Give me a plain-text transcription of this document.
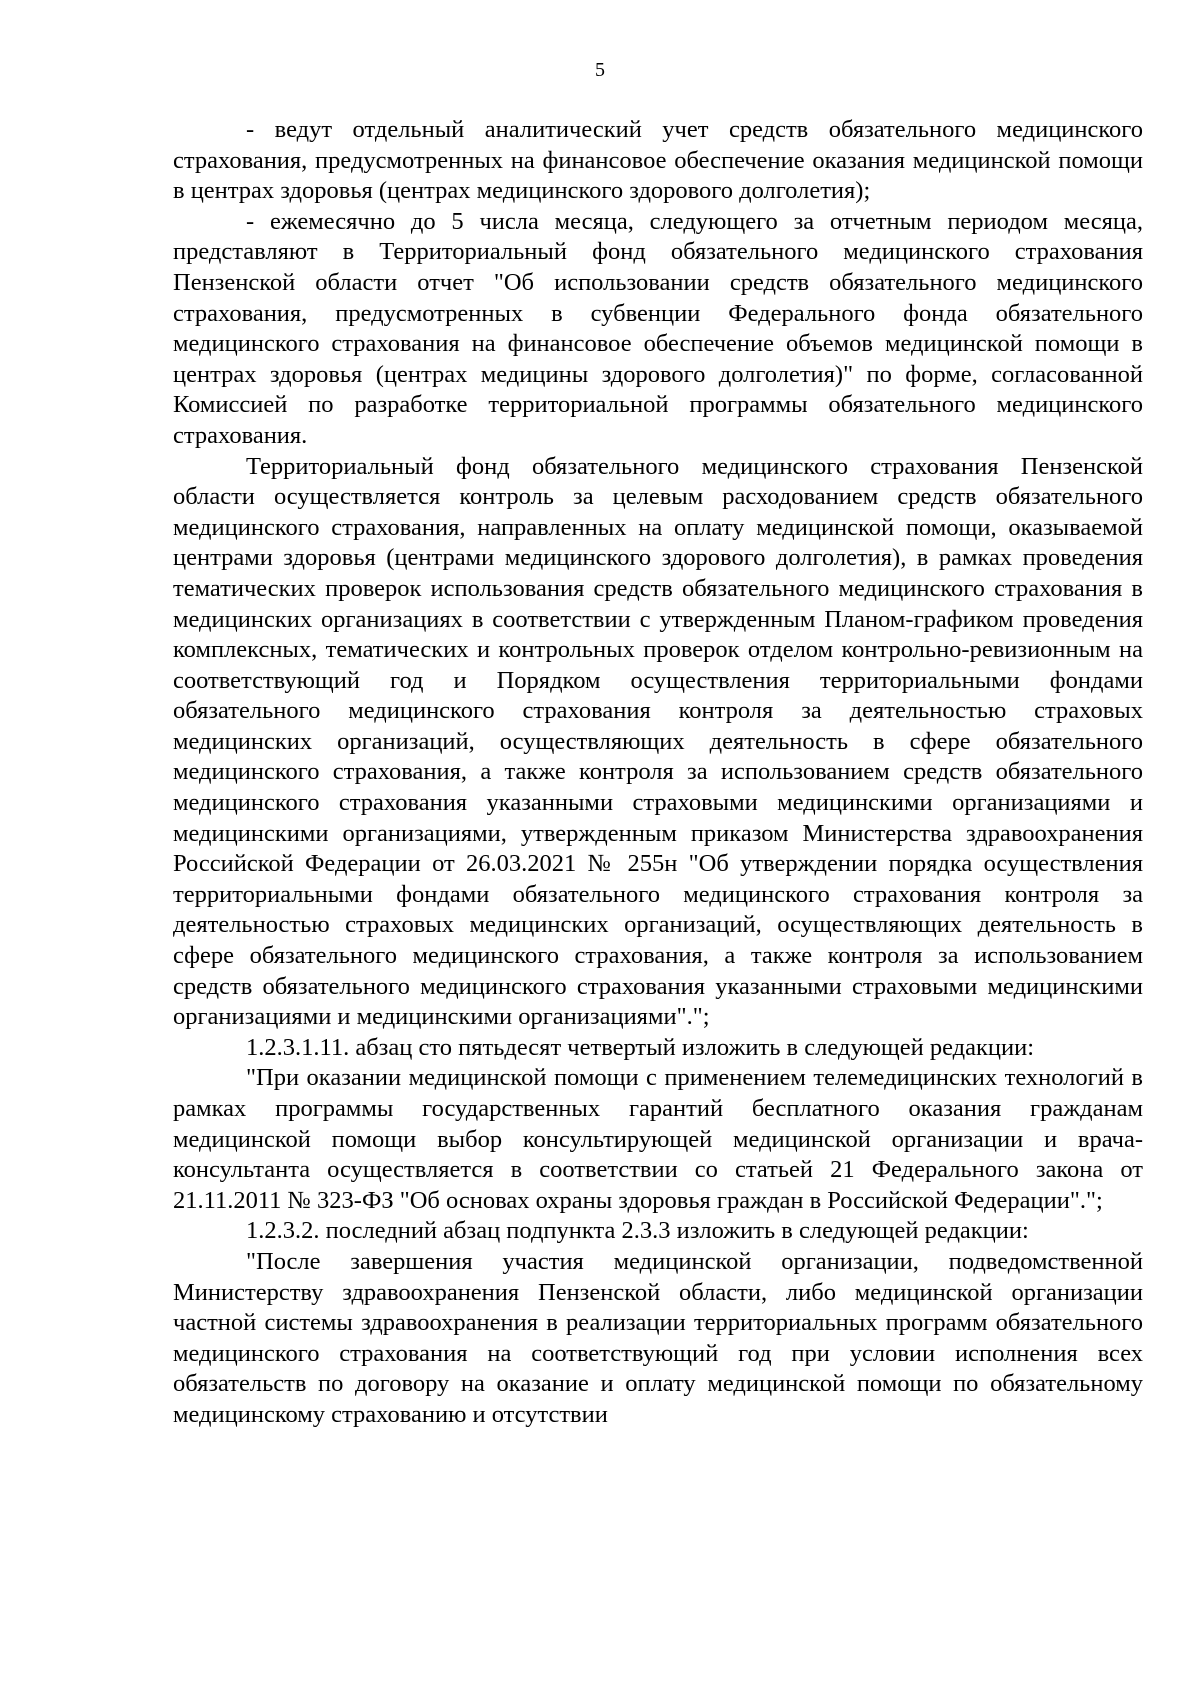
5

- ведут отдельный аналитический учет средств обязательного медицинского страхования, предусмотренных на финансовое обеспечение оказания медицинской помощи в центрах здоровья (центрах медицинского здорового долголетия);

- ежемесячно до 5 числа месяца, следующего за отчетным периодом месяца, представляют в Территориальный фонд обязательного медицинского страхования Пензенской области отчет "Об использовании средств обязательного медицинского страхования, предусмотренных в субвенции Федерального фонда обязательного медицинского страхования на финансовое обеспечение объемов медицинской помощи в центрах здоровья (центрах медицины здорового долголетия)" по форме, согласованной Комиссией по разработке территориальной программы обязательного медицинского страхования.

Территориальный фонд обязательного медицинского страхования Пензенской области осуществляется контроль за целевым расходованием средств обязательного медицинского страхования, направленных на оплату медицинской помощи, оказываемой центрами здоровья (центрами медицинского здорового долголетия), в рамках проведения тематических проверок использования средств обязательного медицинского страхования в медицинских организациях в соответствии с утвержденным Планом-графиком проведения комплексных, тематических и контрольных проверок отделом контрольно-ревизионным на соответствующий год и Порядком осуществления территориальными фондами обязательного медицинского страхования контроля за деятельностью страховых медицинских организаций, осуществляющих деятельность в сфере обязательного медицинского страхования, а также контроля за использованием средств обязательного медицинского страхования указанными страховыми медицинскими организациями и медицинскими организациями, утвержденным приказом Министерства здравоохранения Российской Федерации от 26.03.2021 № 255н "Об утверждении порядка осуществления территориальными фондами обязательного медицинского страхования контроля за деятельностью страховых медицинских организаций, осуществляющих деятельность в сфере обязательного медицинского страхования, а также контроля за использованием средств обязательного медицинского страхования указанными страховыми медицинскими организациями и медицинскими организациями".";

1.2.3.1.11. абзац сто пятьдесят четвертый изложить в следующей редакции:

"При оказании медицинской помощи с применением телемедицинских технологий в рамках программы государственных гарантий бесплатного оказания гражданам медицинской помощи выбор консультирующей медицинской организации и врача-консультанта осуществляется в соответствии со статьей 21 Федерального закона от 21.11.2011 № 323-ФЗ "Об основах охраны здоровья граждан в Российской Федерации".";

1.2.3.2. последний абзац подпункта 2.3.3 изложить в следующей редакции:

"После завершения участия медицинской организации, подведомственной Министерству здравоохранения Пензенской области, либо медицинской организации частной системы здравоохранения в реализации территориальных программ обязательного медицинского страхования на соответствующий год при условии исполнения всех обязательств по договору на оказание и оплату медицинской помощи по обязательному медицинскому страхованию и отсутствии
